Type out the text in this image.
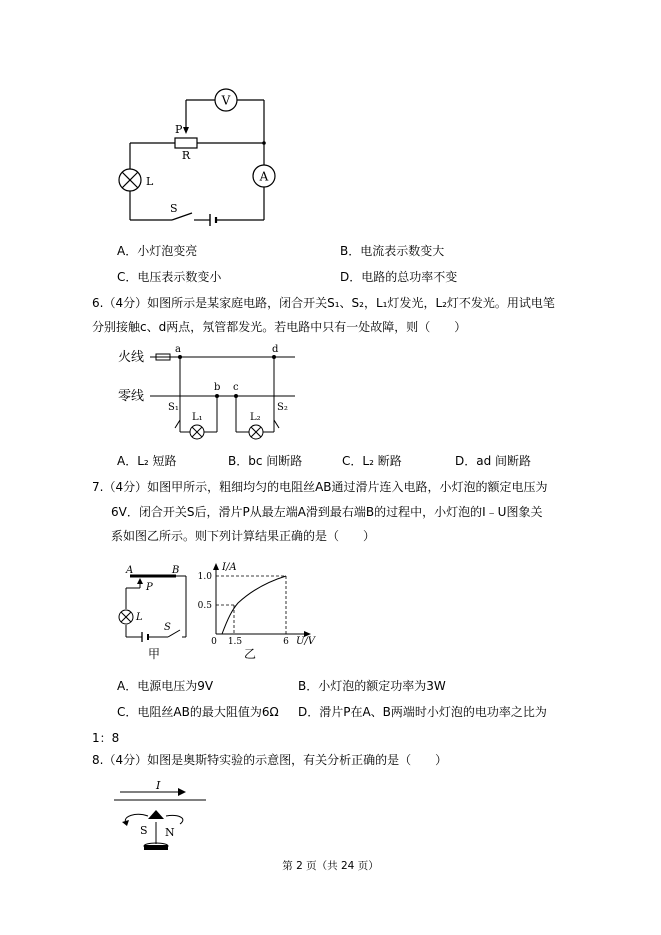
V
P
R
L	A
S
A．小灯泡变亮	B．电流表示数变大
C．电压表示数变小	D．电路的总功率不变
6.（4分）如图所示是某家庭电路，闭合开关S₁、S₂，L₁灯发光，L₂灯不发光。用试电笔
分别接触c、d两点，氖管都发光。若电路中只有一处故障，则（　　）
火线
零线
a	d
b c
S₁
L₁	L₂
S₂
A．L₂ 短路	B．bc 间断路	C．L₂ 断路	D．ad 间断路
7.（4分）如图甲所示，粗细均匀的电阻丝AB通过滑片连入电路，小灯泡的额定电压为
6V．闭合开关S后，滑片P从最左端A滑到最右端B的过程中，小灯泡的I﹣U图象关
系如图乙所示。则下列计算结果正确的是（　　）
A	B
P
L
S
甲
I/A
U/V
1.0
0.5
0 1.5	6
乙
A．电源电压为9V	B．小灯泡的额定功率为3W
C．电阻丝AB的最大阻值为6Ω D．滑片P在A、B两端时小灯泡的电功率之比为
1：8
8.（4分）如图是奥斯特实验的示意图，有关分析正确的是（　　）
I
S N
第 2 页（共 24 页）
